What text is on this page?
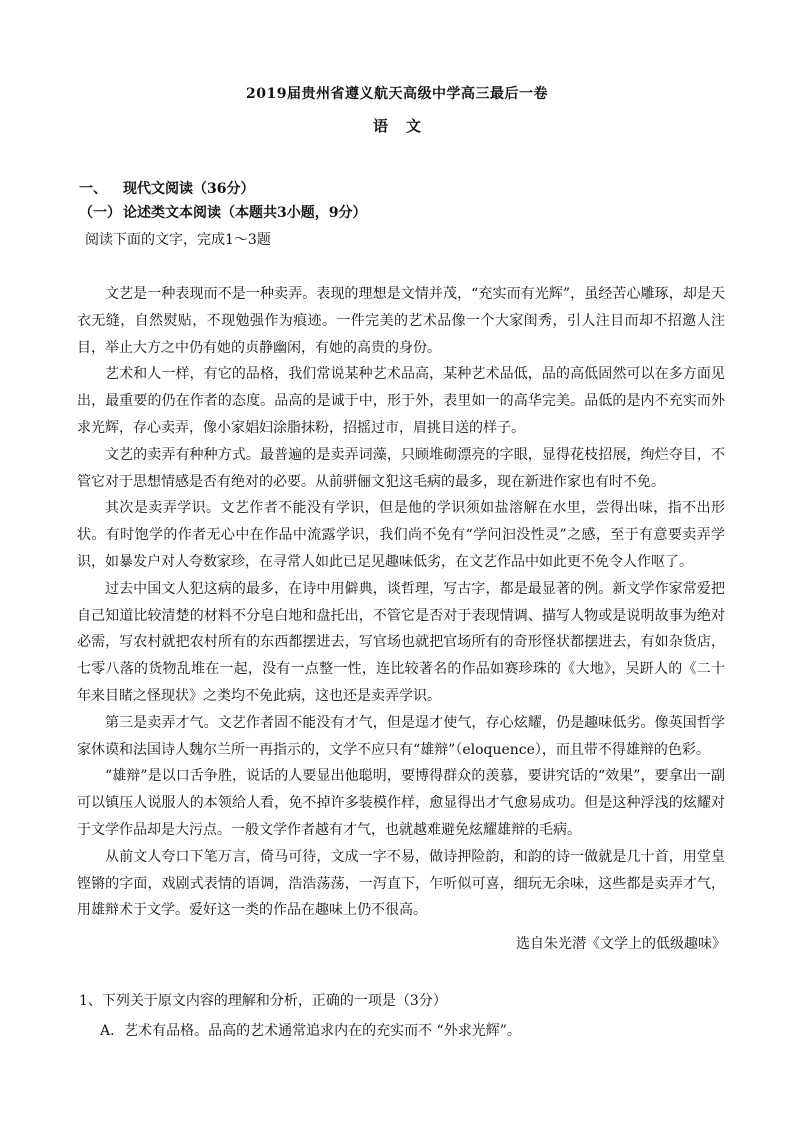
2019届贵州省遵义航天高级中学高三最后一卷
语文
一、 现代文阅读（36分）
（一） 论述类文本阅读（本题共3小题，9分）
阅读下面的文字，完成1～3题

文艺是一种表现而不是一种卖弄。表现的理想是文情并茂，“充实而有光辉”，虽经苦心雕琢，却是天衣无缝，自然熨贴，不现勉强作为痕迹。一件完美的艺术品像一个大家闺秀，引人注目而却不招邀人注目，举止大方之中仍有她的贞静幽闲，有她的高贵的身份。

艺术和人一样，有它的品格，我们常说某种艺术品高，某种艺术品低，品的高低固然可以在多方面见出，最重要的仍在作者的态度。品高的是诚于中，形于外，表里如一的高华完美。品低的是内不充实而外求光辉，存心卖弄，像小家娼妇涂脂抹粉，招摇过市，眉挑目送的样子。

文艺的卖弄有种种方式。最普遍的是卖弄词藻，只顾堆砌漂亮的字眼，显得花枝招展，绚烂夺目，不管它对于思想情感是否有绝对的必要。从前骈俪文犯这毛病的最多，现在新进作家也有时不免。

其次是卖弄学识。文艺作者不能没有学识，但是他的学识须如盐溶解在水里，尝得出味，指不出形状。有时饱学的作者无心中在作品中流露学识，我们尚不免有“学问汩没性灵”之感，至于有意要卖弄学识，如暴发户对人夸数家珍，在寻常人如此已足见趣味低劣，在文艺作品中如此更不免令人作呕了。

过去中国文人犯这病的最多，在诗中用僻典，谈哲理，写古字，都是最显著的例。新文学作家常爱把自己知道比较清楚的材料不分皂白地和盘托出，不管它是否对于表现情调、描写人物或是说明故事为绝对必需，写农村就把农村所有的东西都摆进去，写官场也就把官场所有的奇形怪状都摆进去，有如杂货店，七零八落的货物乱堆在一起，没有一点整一性，连比较著名的作品如赛珍珠的《大地》，吴趼人的《二十年来目睹之怪现状》之类均不免此病，这也还是卖弄学识。

第三是卖弄才气。文艺作者固不能没有才气，但是逞才使气，存心炫耀，仍是趣味低劣。像英国哲学家休谟和法国诗人魏尔兰所一再指示的，文学不应只有“雄辩”（eloquence），而且带不得雄辩的色彩。

“雄辩”是以口舌争胜，说话的人要显出他聪明，要博得群众的羡慕，要讲究话的“效果”，要拿出一副可以镇压人说服人的本领给人看，免不掉许多装模作样，愈显得出才气愈易成功。但是这种浮浅的炫耀对于文学作品却是大污点。一般文学作者越有才气，也就越难避免炫耀雄辩的毛病。

从前文人夸口下笔万言，倚马可待，文成一字不易，做诗押险韵，和韵的诗一做就是几十首，用堂皇铿锵的字面，戏剧式表情的语调，浩浩荡荡，一泻直下，乍听似可喜，细玩无余味，这些都是卖弄才气，用雄辩术于文学。爱好这一类的作品在趣味上仍不很高。

选自朱光潜《文学上的低级趣味》
1、下列关于原文内容的理解和分析，正确的一项是（3分）
A．艺术有品格。品高的艺术通常追求内在的充实而不 “外求光辉”。
